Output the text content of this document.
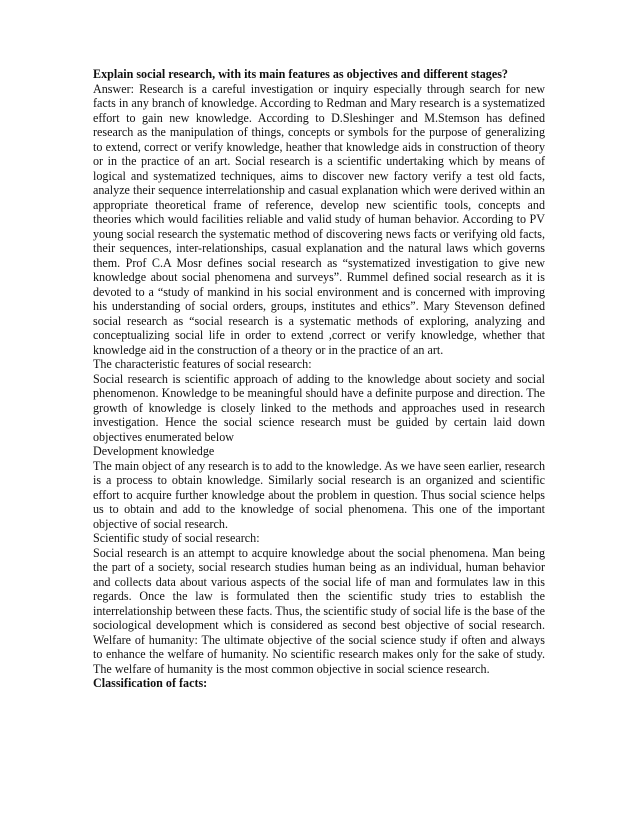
Explain social research, with its main features as objectives and different stages?

Answer: Research is a careful investigation or inquiry especially through search for new facts in any branch of knowledge. According to Redman and Mary research is a systematized effort to gain new knowledge. According to D.Sleshinger and M.Stemson has defined research as the manipulation of things, concepts or symbols for the purpose of generalizing to extend, correct or verify knowledge, heather that knowledge aids in construction of theory or in the practice of an art. Social research is a scientific undertaking which by means of logical and systematized techniques, aims to discover new factory verify a test old facts, analyze their sequence interrelationship and casual explanation which were derived within an appropriate theoretical frame of reference, develop new scientific tools, concepts and theories which would facilities reliable and valid study of human behavior. According to PV young social research the systematic method of discovering news facts or verifying old facts, their sequences, inter-relationships, casual explanation and the natural laws which governs them. Prof C.A Mosr defines social research as “systematized investigation to give new knowledge about social phenomena and surveys”. Rummel defined social research as it is devoted to a “study of mankind in his social environment and is concerned with improving his understanding of social orders, groups, institutes and ethics”. Mary Stevenson defined social research as “social research is a systematic methods of exploring, analyzing and conceptualizing social life in order to extend ,correct or verify knowledge, whether that knowledge aid in the construction of a theory or in the practice of an art.

The characteristic features of social research:

Social research is scientific approach of adding to the knowledge about society and social phenomenon. Knowledge to be meaningful should have a definite purpose and direction. The growth of knowledge is closely linked to the methods and approaches used in research investigation. Hence the social science research must be guided by certain laid down objectives enumerated below

Development knowledge

The main object of any research is to add to the knowledge. As we have seen earlier, research is a process to obtain knowledge. Similarly social research is an organized and scientific effort to acquire further knowledge about the problem in question. Thus social science helps us to obtain and add to the knowledge of social phenomena. This one of the important objective of social research.

Scientific study of social research:

Social research is an attempt to acquire knowledge about the social phenomena. Man being the part of a society, social research studies human being as an individual, human behavior and collects data about various aspects of the social life of man and formulates law in this regards. Once the law is formulated then the scientific study tries to establish the interrelationship between these facts. Thus, the scientific study of social life is the base of the sociological development which is considered as second best objective of social research. Welfare of humanity: The ultimate objective of the social science study if often and always to enhance the welfare of humanity. No scientific research makes only for the sake of study. The welfare of humanity is the most common objective in social science research.

Classification of facts:
